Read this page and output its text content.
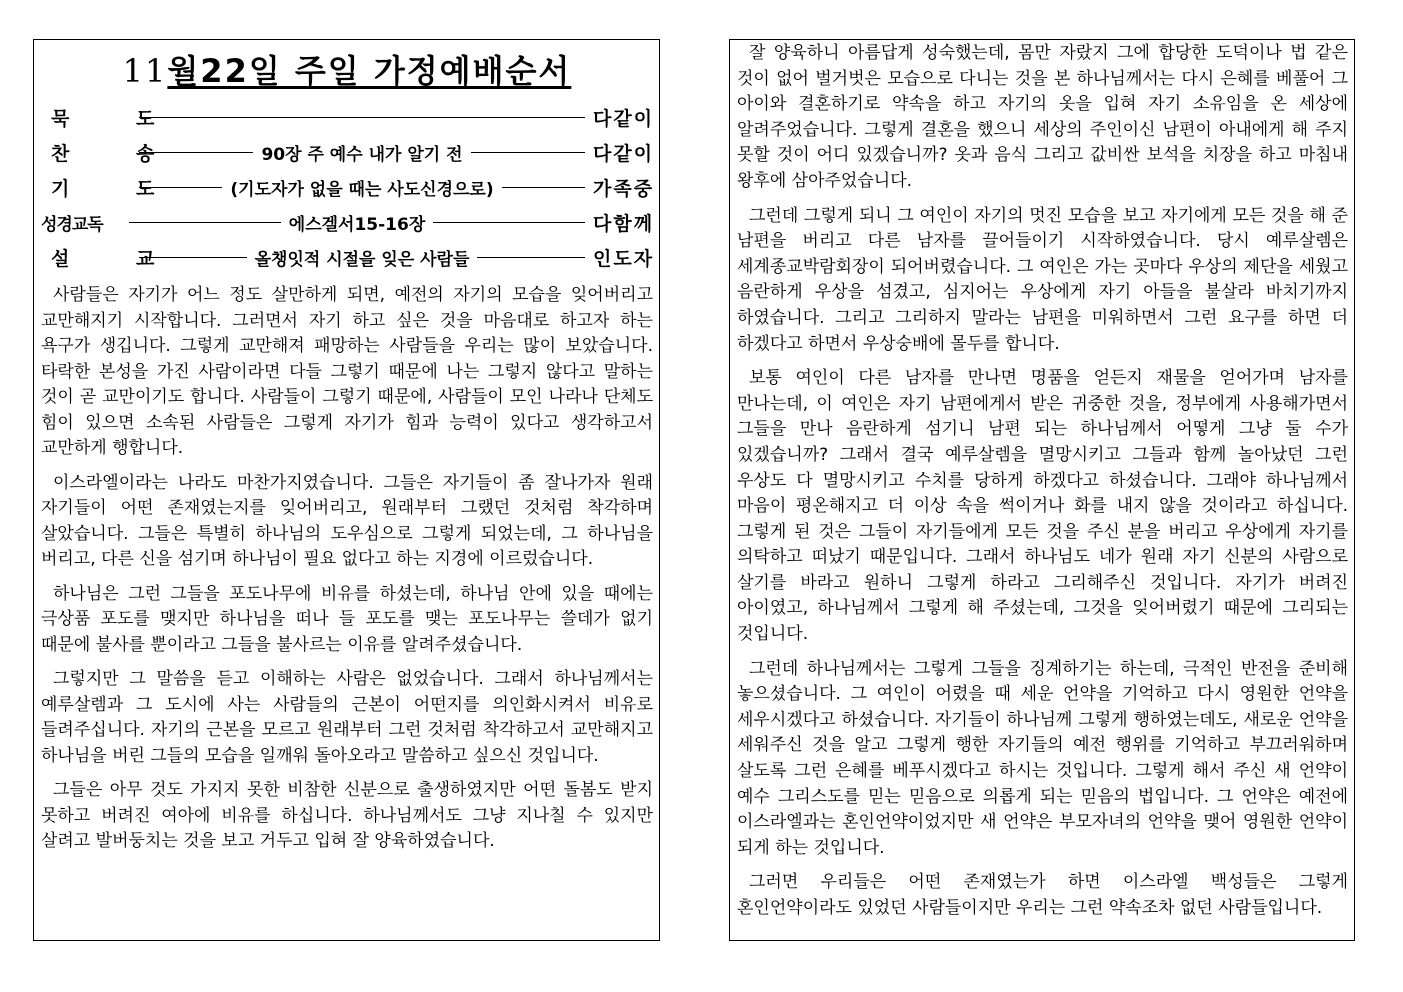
11월22일 주일 가정예배순서
묵 도	다같이
찬 송	90장 주 예수 내가 알기 전	다같이
기 도	(기도자가 없을 때는 사도신경으로)	가족중
성경교독	에스겔서15-16장	다함께
설 교	올챙잇적 시절을 잊은 사람들	인도자

사람들은 자기가 어느 정도 살만하게 되면, 예전의 자기의 모습을 잊어버리고 교만해지기 시작합니다. 그러면서 자기 하고 싶은 것을 마음대로 하고자 하는 욕구가 생깁니다. 그렇게 교만해져 패망하는 사람들을 우리는 많이 보았습니다. 타락한 본성을 가진 사람이라면 다들 그렇기 때문에 나는 그렇지 않다고 말하는 것이 곧 교만이기도 합니다. 사람들이 그렇기 때문에, 사람들이 모인 나라나 단체도 힘이 있으면 소속된 사람들은 그렇게 자기가 힘과 능력이 있다고 생각하고서 교만하게 행합니다.

이스라엘이라는 나라도 마찬가지였습니다. 그들은 자기들이 좀 잘나가자 원래 자기들이 어떤 존재였는지를 잊어버리고, 원래부터 그랬던 것처럼 착각하며 살았습니다. 그들은 특별히 하나님의 도우심으로 그렇게 되었는데, 그 하나님을 버리고, 다른 신을 섬기며 하나님이 필요 없다고 하는 지경에 이르렀습니다.

하나님은 그런 그들을 포도나무에 비유를 하셨는데, 하나님 안에 있을 때에는 극상품 포도를 맺지만 하나님을 떠나 들 포도를 맺는 포도나무는 쓸데가 없기 때문에 불사를 뿐이라고 그들을 불사르는 이유를 알려주셨습니다.

그렇지만 그 말씀을 듣고 이해하는 사람은 없었습니다. 그래서 하나님께서는 예루살렘과 그 도시에 사는 사람들의 근본이 어떤지를 의인화시켜서 비유로 들려주십니다. 자기의 근본을 모르고 원래부터 그런 것처럼 착각하고서 교만해지고 하나님을 버린 그들의 모습을 일깨워 돌아오라고 말씀하고 싶으신 것입니다.

그들은 아무 것도 가지지 못한 비참한 신분으로 출생하였지만 어떤 돌봄도 받지 못하고 버려진 여아에 비유를 하십니다. 하나님께서도 그냥 지나칠 수 있지만 살려고 발버둥치는 것을 보고 거두고 입혀 잘 양육하였습니다.

잘 양육하니 아름답게 성숙했는데, 몸만 자랐지 그에 합당한 도덕이나 법 같은 것이 없어 벌거벗은 모습으로 다니는 것을 본 하나님께서는 다시 은혜를 베풀어 그 아이와 결혼하기로 약속을 하고 자기의 옷을 입혀 자기 소유임을 온 세상에 알려주었습니다. 그렇게 결혼을 했으니 세상의 주인이신 남편이 아내에게 해 주지 못할 것이 어디 있겠습니까? 옷과 음식 그리고 값비싼 보석을 치장을 하고 마침내 왕후에 삼아주었습니다.

그런데 그렇게 되니 그 여인이 자기의 멋진 모습을 보고 자기에게 모든 것을 해 준 남편을 버리고 다른 남자를 끌어들이기 시작하였습니다. 당시 예루살렘은 세계종교박람회장이 되어버렸습니다. 그 여인은 가는 곳마다 우상의 제단을 세웠고 음란하게 우상을 섬겼고, 심지어는 우상에게 자기 아들을 불살라 바치기까지 하였습니다. 그리고 그리하지 말라는 남편을 미워하면서 그런 요구를 하면 더 하겠다고 하면서 우상숭배에 몰두를 합니다.

보통 여인이 다른 남자를 만나면 명품을 얻든지 재물을 얻어가며 남자를 만나는데, 이 여인은 자기 남편에게서 받은 귀중한 것을, 정부에게 사용해가면서 그들을 만나 음란하게 섬기니 남편 되는 하나님께서 어떻게 그냥 둘 수가 있겠습니까? 그래서 결국 예루살렘을 멸망시키고 그들과 함께 놀아났던 그런 우상도 다 멸망시키고 수치를 당하게 하겠다고 하셨습니다. 그래야 하나님께서 마음이 평온해지고 더 이상 속을 썩이거나 화를 내지 않을 것이라고 하십니다. 그렇게 된 것은 그들이 자기들에게 모든 것을 주신 분을 버리고 우상에게 자기를 의탁하고 떠났기 때문입니다. 그래서 하나님도 네가 원래 자기 신분의 사람으로 살기를 바라고 원하니 그렇게 하라고 그리해주신 것입니다. 자기가 버려진 아이였고, 하나님께서 그렇게 해 주셨는데, 그것을 잊어버렸기 때문에 그리되는 것입니다.

그런데 하나님께서는 그렇게 그들을 징계하기는 하는데, 극적인 반전을 준비해 놓으셨습니다. 그 여인이 어렸을 때 세운 언약을 기억하고 다시 영원한 언약을 세우시겠다고 하셨습니다. 자기들이 하나님께 그렇게 행하였는데도, 새로운 언약을 세워주신 것을 알고 그렇게 행한 자기들의 예전 행위를 기억하고 부끄러워하며 살도록 그런 은혜를 베푸시겠다고 하시는 것입니다. 그렇게 해서 주신 새 언약이 예수 그리스도를 믿는 믿음으로 의롭게 되는 믿음의 법입니다. 그 언약은 예전에 이스라엘과는 혼인언약이었지만 새 언약은 부모자녀의 언약을 맺어 영원한 언약이 되게 하는 것입니다.

그러면 우리들은 어떤 존재였는가 하면 이스라엘 백성들은 그렇게 혼인언약이라도 있었던 사람들이지만 우리는 그런 약속조차 없던 사람들입니다.
